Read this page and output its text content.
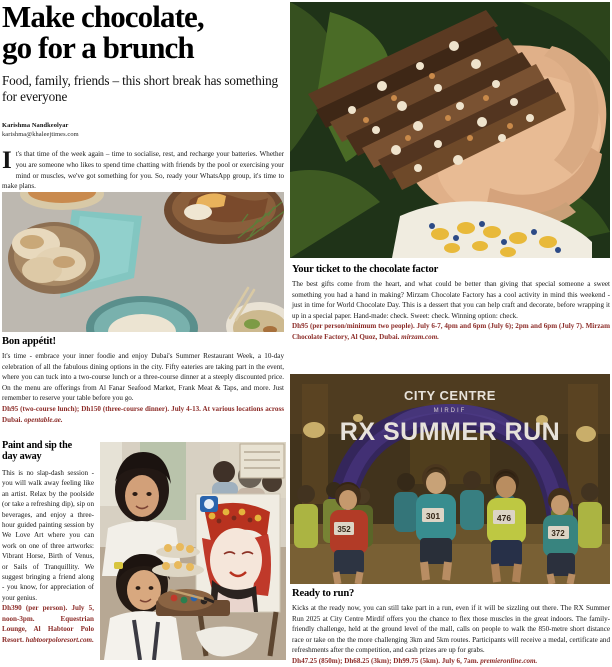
Make chocolate,
go for a brunch

Food, family, friends – this short break has something for everyone

Karishma Nandkeolyar
karishma@khaleejtimes.com

It's that time of the week again – time to socialise, rest, and recharge your batteries. Whether you are someone who likes to spend time chatting with friends by the pool or exercising your mind or muscles, we've got something for you. So, ready your WhatsApp group, it's time to make plans.

Bon appétit!

It's time - embrace your inner foodie and enjoy Dubai's Summer Restaurant Week, a 10-day celebration of all the fabulous dining options in the city. Fifty eateries are taking part in the event, where you can tuck into a two-course lunch or a three-course dinner at a steeply discounted price. On the menu are offerings from Al Fanar Seafood Market, Frank Meat & Taps, and more. Just remember to reserve your table before you go.

Dh95 (two-course lunch); Dh150 (three-course dinner). July 4-13. At various locations across Dubai. opentable.ae.

Paint and sip the
day away

This is no slap-dash session - you will walk away feeling like an artist. Relax by the poolside (or take a refreshing dip), sip on beverages, and enjoy a three-hour guided painting session by We Love Art where you can work on one of three artworks: Vibrant Horse, Birth of Venus, or Sails of Tranquillity. We suggest bringing a friend along - you know, for appreciation of your genius.

Dh390 (per person). July 5, noon-3pm. Equestrian Lounge, Al Habtoor Polo Resort. habtoorpoloresort.com.

Your ticket to the chocolate factor

The best gifts come from the heart, and what could be better than giving that special someone a sweet something you had a hand in making? Mirzam Chocolate Factory has a cool activity in mind this weekend - just in time for World Chocolate Day. This is a dessert that you can help craft and decorate, before wrapping it up in a special paper. Hand-made: check. Sweet: check. Winning option: check.

Dh95 (per person/minimum two people). July 6-7, 4pm and 6pm (July 6); 2pm and 6pm (July 7). Mirzam Chocolate Factory, Al Quoz, Dubai. mirzam.com.

CITY CENTRE
MIRDIF
RX SUMMER RUN
352
301	476
372
Ready to run?

Kicks at the ready now, you can still take part in a run, even if it will be sizzling out there. The RX Summer Run 2025 at City Centre Mirdif offers you the chance to flex those muscles in the great indoors. The family-friendly challenge, held at the ground level of the mall, calls on people to walk the 850-metre short distance race or take on the the more challenging 3km and 5km routes. Participants will receive a medal, certificate and refreshments after the competition, and cash prizes are up for grabs.

Dh47.25 (850m); Dh68.25 (3km); Dh99.75 (5km). July 6, 7am. premieronline.com.
